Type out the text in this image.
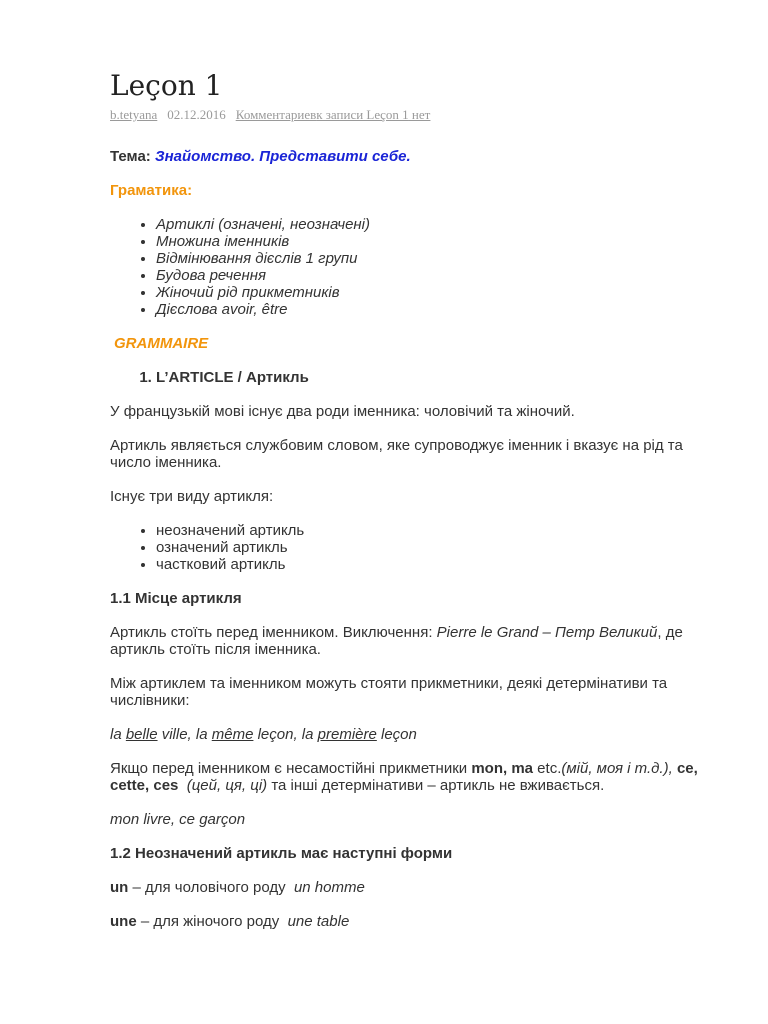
Leçon 1
b.tetyana 02.12.2016 Комментариевк записи Leçon 1 нет

Тема: Знайомство. Представити себе.

Граматика:

• Артиклі (означені, неозначені)
• Множина іменників
• Відмінювання дієслів 1 групи
• Будова речення
• Жіночий рід прикметників
• Дієслова avoir, être

GRAMMAIRE

1. L’ARTICLE / Артикль

У французькій мові існує два роди іменника: чоловічий та жіночий.

Артикль являється службовим словом, яке супроводжує іменник і вказує на рід та число іменника.

Існує три виду артикля:

• неозначений артикль
• означений артикль
• частковий артикль

1.1 Місце артикля

Артикль стоїть перед іменником. Виключення: Pierre le Grand – Петр Великий, де артикль стоїть після іменника.

Між артиклем та іменником можуть стояти прикметники, деякі детермінативи та числівники:

la belle ville, la même leçon, la première leçon

Якщо перед іменником є несамостійні прикметники mon, ma etc.(мій, моя і т.д.), ce, cette, ces (цей, ця, ці) та інші детермінативи – артикль не вживається.

mon livre, ce garçon

1.2 Неозначений артикль має наступні форми

un – для чоловічого роду  un homme

une – для жіночого роду  une table
